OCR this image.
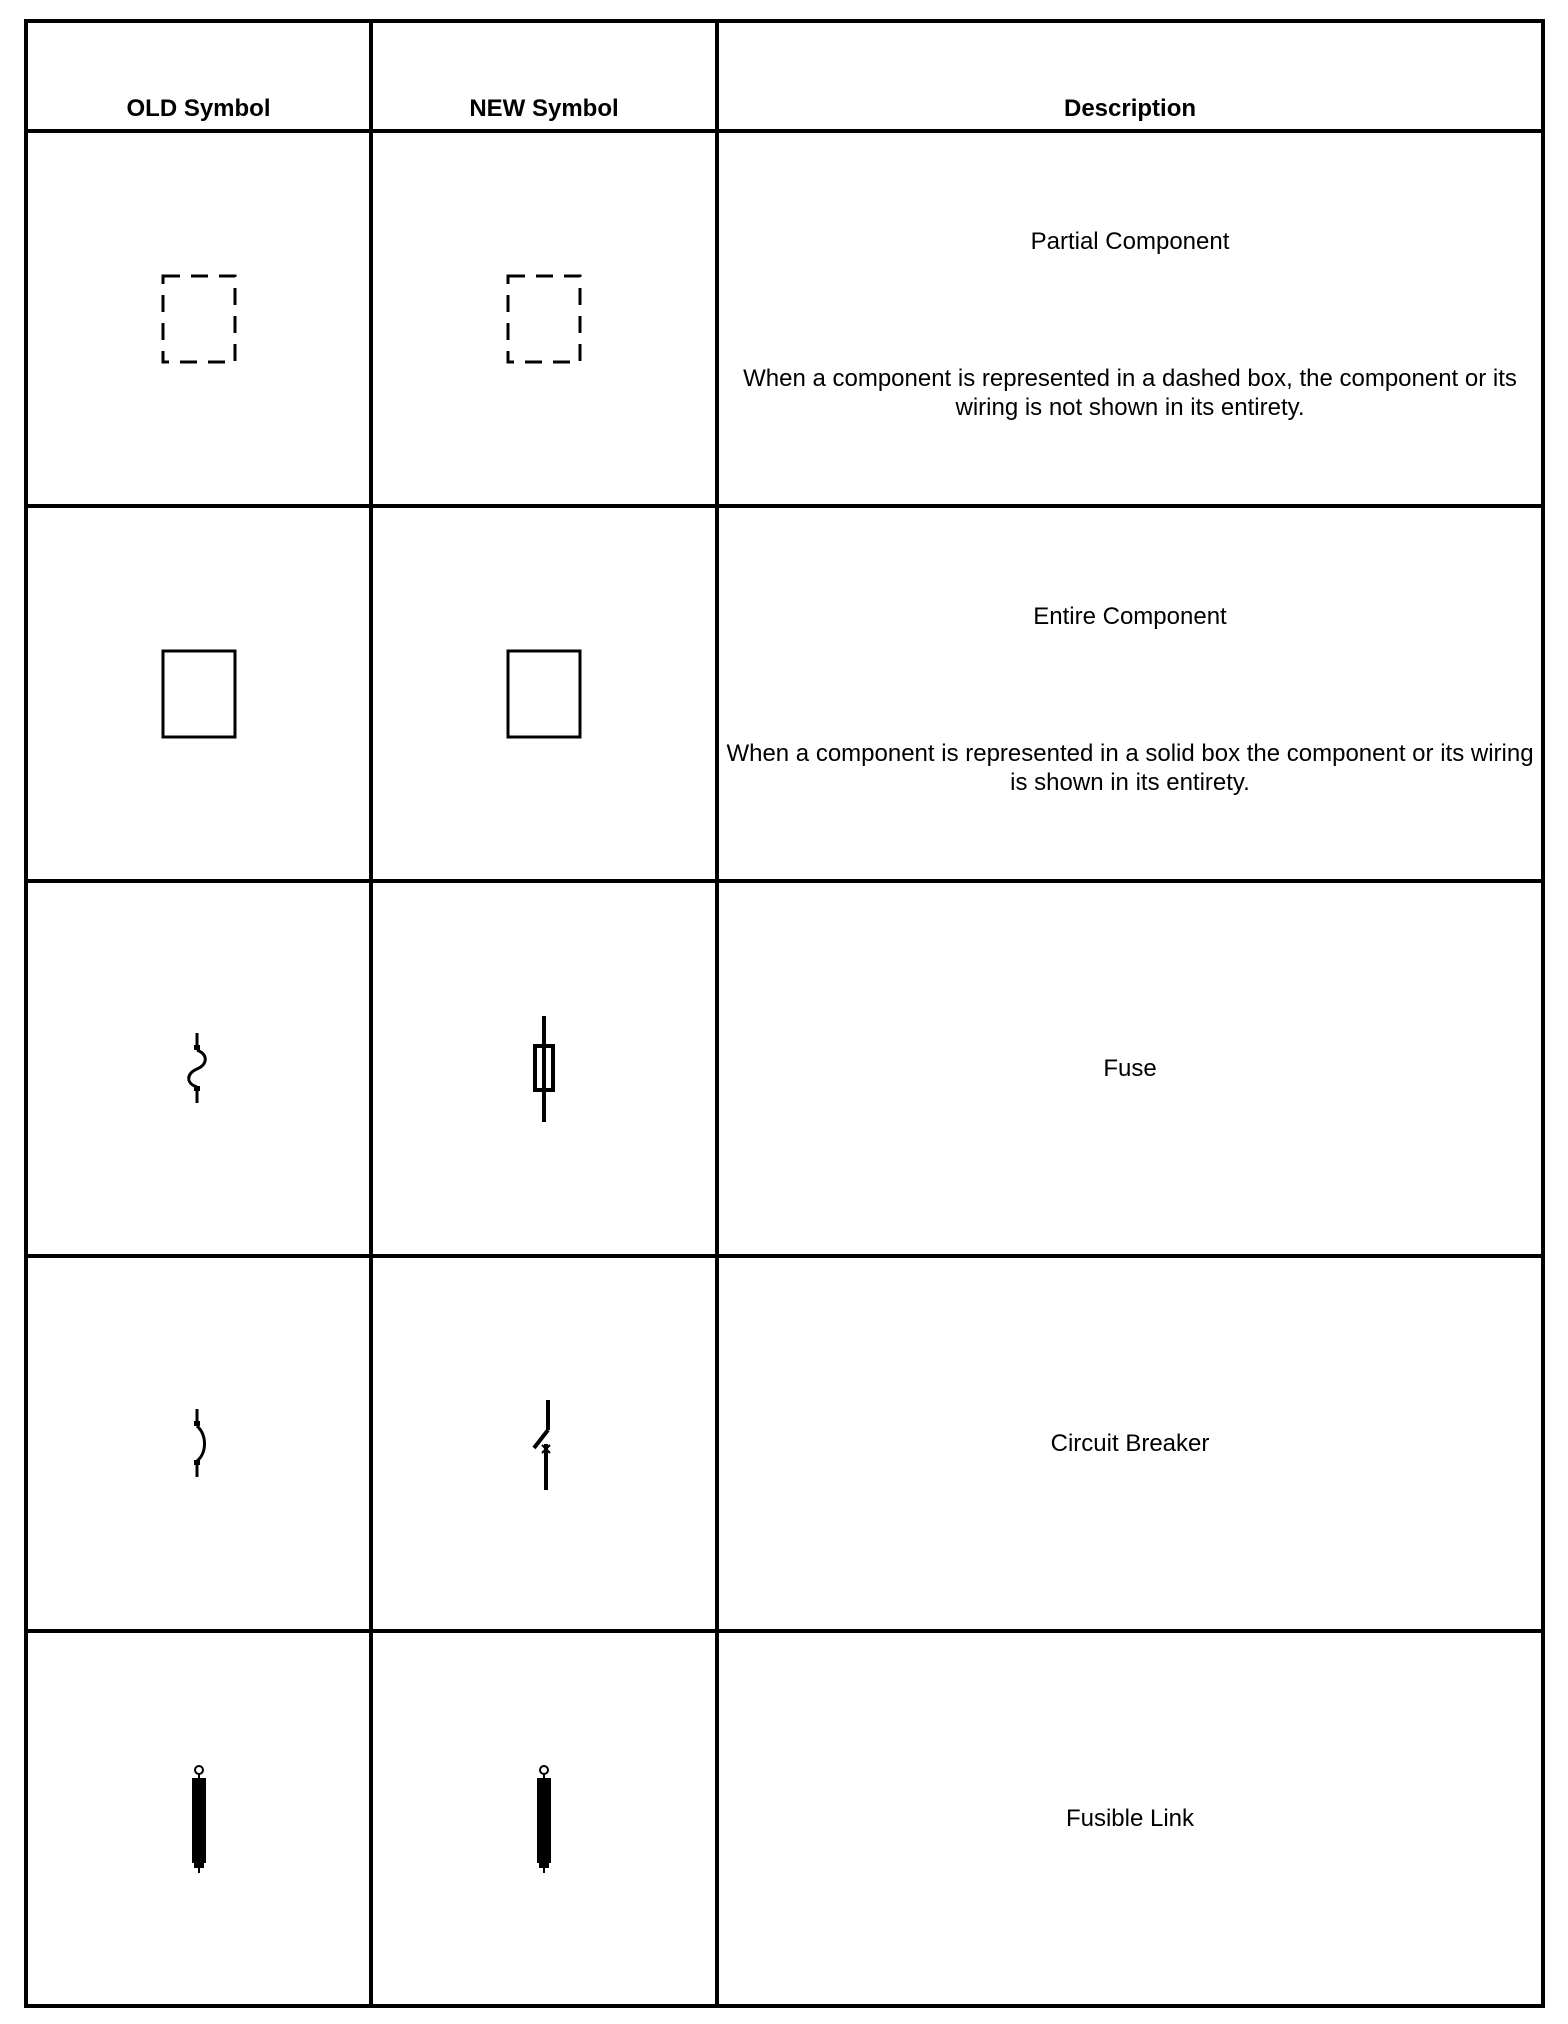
OLD Symbol	NEW Symbol	Description

Partial Component
When a component is represented in a dashed box, the component or its wiring is not shown in its entirety.

Entire Component
When a component is represented in a solid box the component or its wiring is shown in its entirety.

Fuse

Circuit Breaker

Fusible Link
